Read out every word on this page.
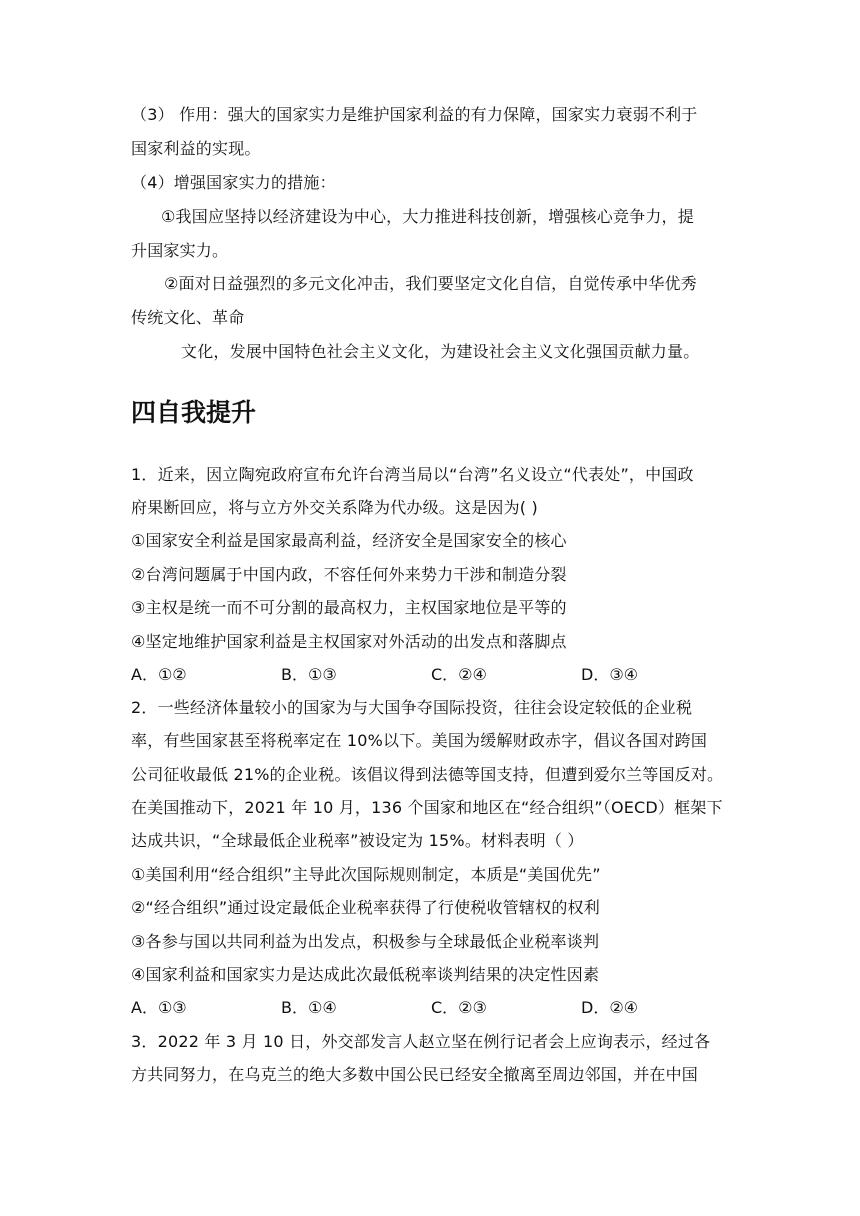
（3） 作用：强大的国家实力是维护国家利益的有力保障，国家实力衰弱不利于
国家利益的实现。
（4）增强国家实力的措施：
①我国应坚持以经济建设为中心，大力推进科技创新，增强核心竞争力，提
升国家实力。
②面对日益强烈的多元文化冲击，我们要坚定文化自信，自觉传承中华优秀
传统文化、革命
文化，发展中国特色社会主义文化，为建设社会主义文化强国贡献力量。
四自我提升
1．近来，因立陶宛政府宣布允许台湾当局以“台湾”名义设立“代表处”，中国政
府果断回应，将与立方外交关系降为代办级。这是因为( )
①国家安全利益是国家最高利益，经济安全是国家安全的核心
②台湾问题属于中国内政，不容任何外来势力干涉和制造分裂
③主权是统一而不可分割的最高权力，主权国家地位是平等的
④坚定地维护国家利益是主权国家对外活动的出发点和落脚点
A．①②	B．①③	C．②④	D．③④
2．一些经济体量较小的国家为与大国争夺国际投资，往往会设定较低的企业税
率，有些国家甚至将税率定在 10%以下。美国为缓解财政赤字，倡议各国对跨国
公司征收最低 21%的企业税。该倡议得到法德等国支持，但遭到爱尔兰等国反对。
在美国推动下，2021 年 10 月，136 个国家和地区在“经合组织”（OECD）框架下
达成共识，“全球最低企业税率”被设定为 15%。材料表明（ ）
①美国利用“经合组织”主导此次国际规则制定，本质是“美国优先”
②“经合组织”通过设定最低企业税率获得了行使税收管辖权的权利
③各参与国以共同利益为出发点，积极参与全球最低企业税率谈判
④国家利益和国家实力是达成此次最低税率谈判结果的决定性因素
A．①③	B．①④	C．②③	D．②④
3．2022 年 3 月 10 日，外交部发言人赵立坚在例行记者会上应询表示，经过各
方共同努力，在乌克兰的绝大多数中国公民已经安全撤离至周边邻国，并在中国
